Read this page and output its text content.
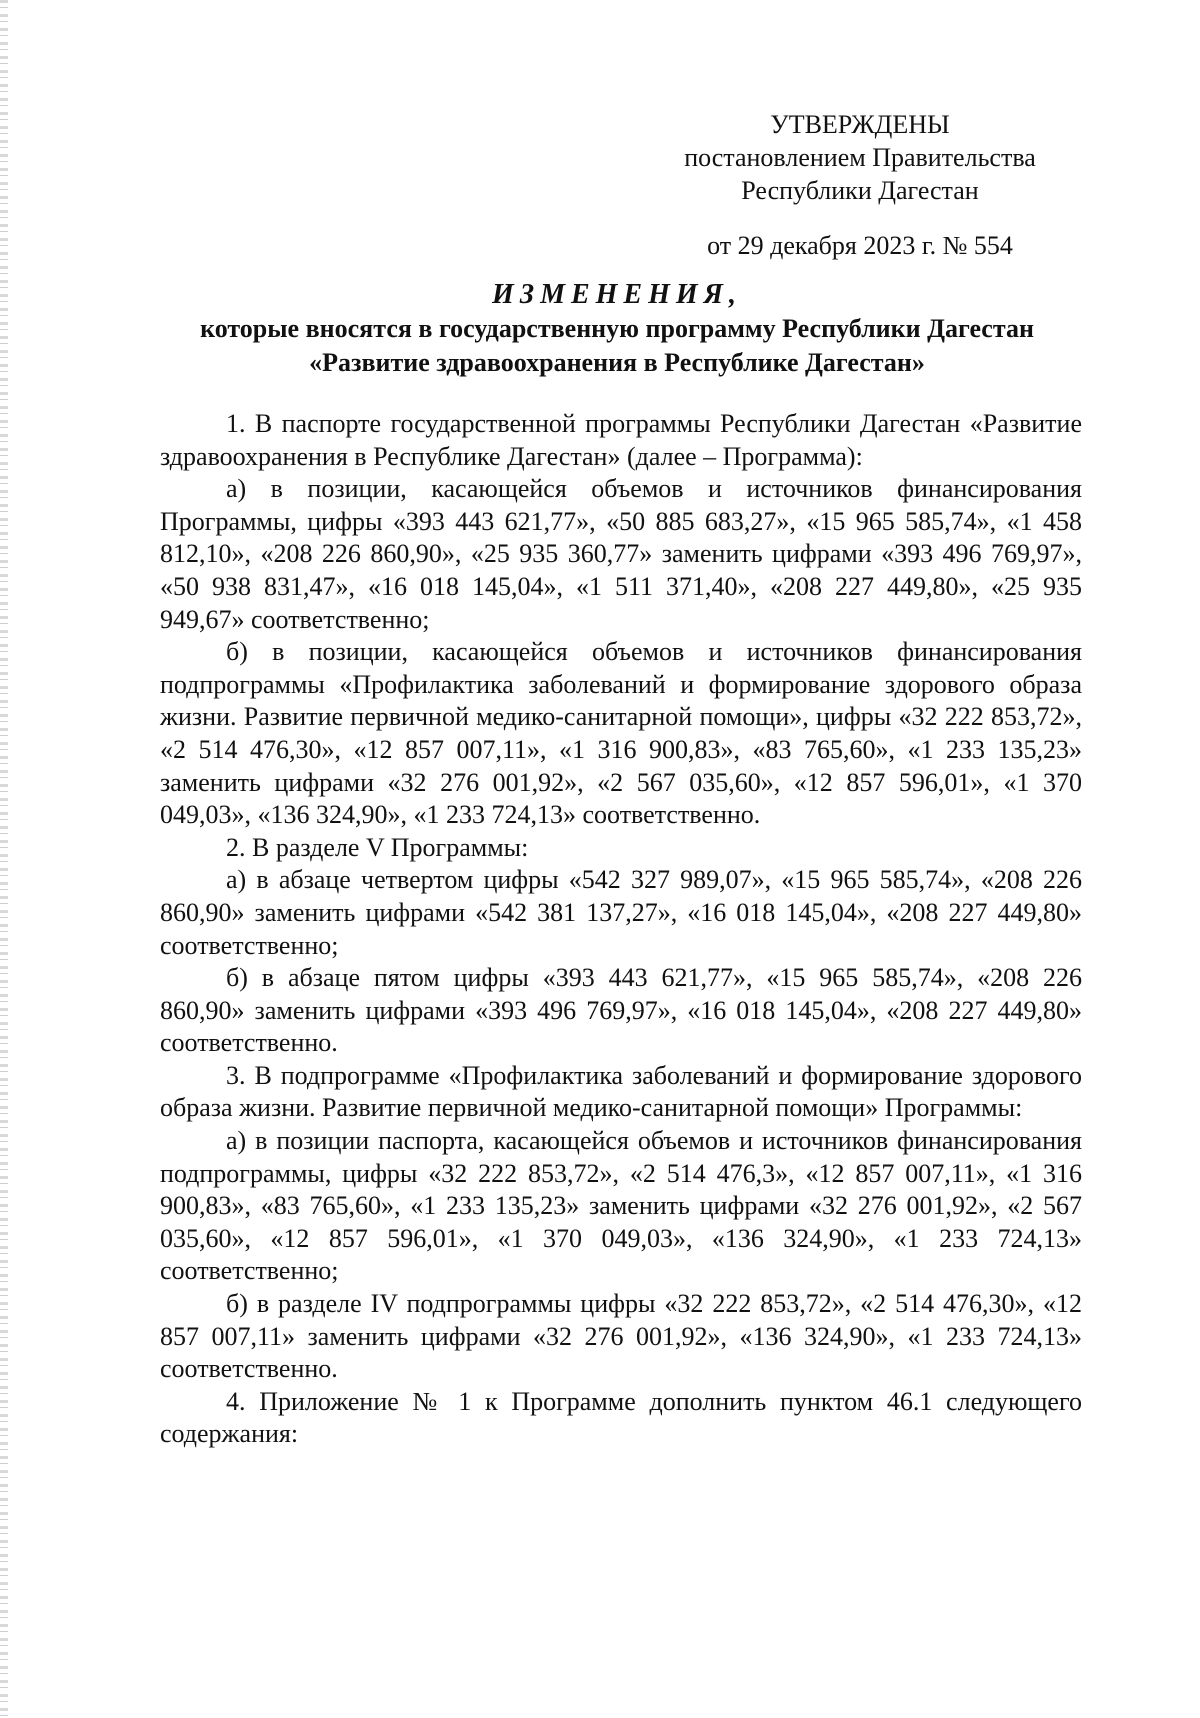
УТВЕРЖДЕНЫ
постановлением Правительства
Республики Дагестан
от 29 декабря 2023 г. № 554
ИЗМЕНЕНИЯ,
которые вносятся в государственную программу Республики Дагестан
«Развитие здравоохранения в Республике Дагестан»

1. В паспорте государственной программы Республики Дагестан «Развитие здравоохранения в Республике Дагестан» (далее – Программа):

а) в позиции, касающейся объемов и источников финансирования Программы, цифры «393 443 621,77», «50 885 683,27», «15 965 585,74», «1 458 812,10», «208 226 860,90», «25 935 360,77» заменить цифрами «393 496 769,97», «50 938 831,47», «16 018 145,04», «1 511 371,40», «208 227 449,80», «25 935 949,67» соответственно;

б) в позиции, касающейся объемов и источников финансирования подпрограммы «Профилактика заболеваний и формирование здорового образа жизни. Развитие первичной медико-санитарной помощи», цифры «32 222 853,72», «2 514 476,30», «12 857 007,11», «1 316 900,83», «83 765,60», «1 233 135,23» заменить цифрами «32 276 001,92», «2 567 035,60», «12 857 596,01», «1 370 049,03», «136 324,90», «1 233 724,13» соответственно.

2. В разделе V Программы:

а) в абзаце четвертом цифры «542 327 989,07», «15 965 585,74», «208 226 860,90» заменить цифрами «542 381 137,27», «16 018 145,04», «208 227 449,80» соответственно;

б) в абзаце пятом цифры «393 443 621,77», «15 965 585,74», «208 226 860,90» заменить цифрами «393 496 769,97», «16 018 145,04», «208 227 449,80» соответственно.

3. В подпрограмме «Профилактика заболеваний и формирование здорового образа жизни. Развитие первичной медико-санитарной помощи» Программы:

а) в позиции паспорта, касающейся объемов и источников финансирования подпрограммы, цифры «32 222 853,72», «2 514 476,3», «12 857 007,11», «1 316 900,83», «83 765,60», «1 233 135,23» заменить цифрами «32 276 001,92», «2 567 035,60», «12 857 596,01», «1 370 049,03», «136 324,90», «1 233 724,13» соответственно;

б) в разделе IV подпрограммы цифры «32 222 853,72», «2 514 476,30», «12 857 007,11» заменить цифрами «32 276 001,92», «136 324,90», «1 233 724,13» соответственно.

4. Приложение № 1 к Программе дополнить пунктом 46.1 следующего содержания:
